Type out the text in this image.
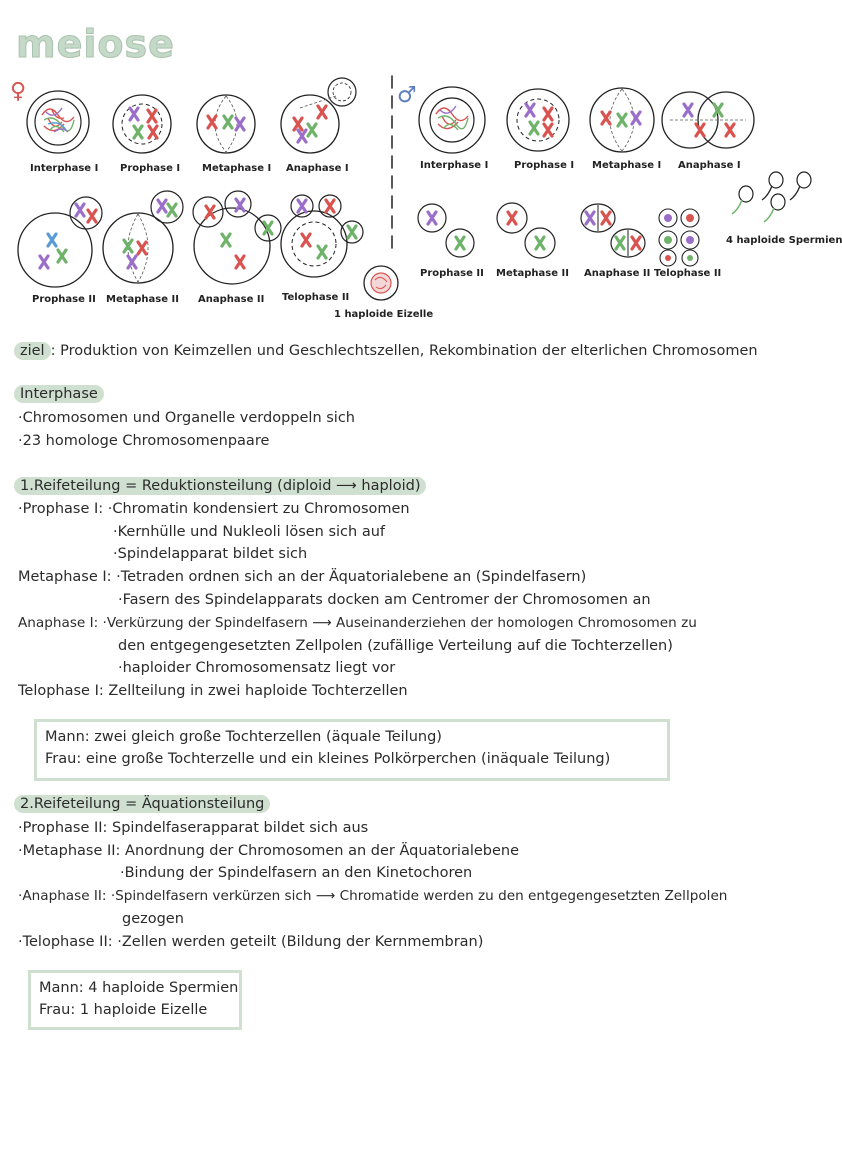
meiose
♀	♂
Interphase I Prophase I Metaphase I Anaphase I
Prophase II Metaphase II Anaphase II Telophase II
1 haploide Eizelle
Interphase I	Prophase I Metaphase I Anaphase I
Prophase II Metaphase II Anaphase II Telophase II
4 haploide Spermien
ziel : Produktion von Keimzellen und Geschlechtszellen, Rekombination der elterlichen Chromosomen
Interphase
·Chromosomen und Organelle verdoppeln sich
·23 homologe Chromosomenpaare
1.Reifeteilung = Reduktionsteilung (diploid ⟶ haploid)
·Prophase I: ·Chromatin kondensiert zu Chromosomen
·Kernhülle und Nukleoli lösen sich auf
·Spindelapparat bildet sich
Metaphase I: ·Tetraden ordnen sich an der Äquatorialebene an (Spindelfasern)
·Fasern des Spindelapparats docken am Centromer der Chromosomen an
Anaphase I: ·Verkürzung der Spindelfasern ⟶ Auseinanderziehen der homologen Chromosomen zu
den entgegengesetzten Zellpolen (zufällige Verteilung auf die Tochterzellen)
·haploider Chromosomensatz liegt vor
Telophase I: Zellteilung in zwei haploide Tochterzellen
Mann: zwei gleich große Tochterzellen (äquale Teilung)
Frau: eine große Tochterzelle und ein kleines Polkörperchen (inäquale Teilung)
2.Reifeteilung = Äquationsteilung
·Prophase II: Spindelfaserapparat bildet sich aus
·Metaphase II: Anordnung der Chromosomen an der Äquatorialebene
·Bindung der Spindelfasern an den Kinetochoren
·Anaphase II: ·Spindelfasern verkürzen sich ⟶ Chromatide werden zu den entgegengesetzten Zellpolen
gezogen
·Telophase II: ·Zellen werden geteilt (Bildung der Kernmembran)
Mann: 4 haploide Spermien
Frau: 1 haploide Eizelle
